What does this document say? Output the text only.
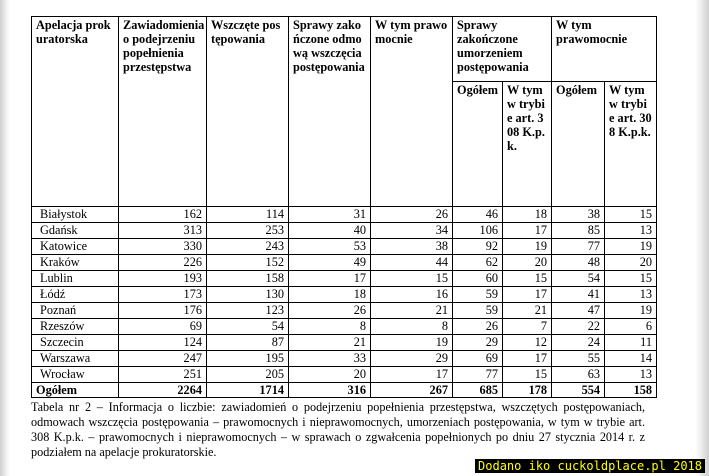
Apelacja prokuratorska	Zawiadomienia o podejrzeniu popełnienia przestępstwa	Wszczęte postępowania	Sprawy zakończone odmową wszczęcia postępowania	W tym prawomocnie	Sprawy zakończone umorzeniem postępowania		W tym prawomocnie	
					Ogółem	W tym w trybie art. 308 K.p.k.	Ogółem	W tym w trybie art. 308 K.p.k.
Białystok	162	114	31	26	46	18	38	15
Gdańsk	313	253	40	34	106	17	85	13
Katowice	330	243	53	38	92	19	77	19
Kraków	226	152	49	44	62	20	48	20
Lublin	193	158	17	15	60	15	54	15
Łódź	173	130	18	16	59	17	41	13
Poznań	176	123	26	21	59	21	47	19
Rzeszów	69	54	8	8	26	7	22	6
Szczecin	124	87	21	19	29	12	24	11
Warszawa	247	195	33	29	69	17	55	14
Wrocław	251	205	20	17	77	15	63	13
Ogółem	2264	1714	316	267	685	178	554	158
Tabela nr 2 – Informacja o liczbie: zawiadomień o podejrzeniu popełnienia przestępstwa, wszczętych postępowaniach, odmowach wszczęcia postępowania – prawomocnych i nieprawomocnych, umorzeniach postępowania, w tym w trybie art. 308 K.p.k. – prawomocnych i nieprawomocnych – w sprawach o zgwałcenia popełnionych po dniu 27 stycznia 2014 r. z podziałem na apelacje prokuratorskie.
Dodano iko cuckoldplace.pl 2018
